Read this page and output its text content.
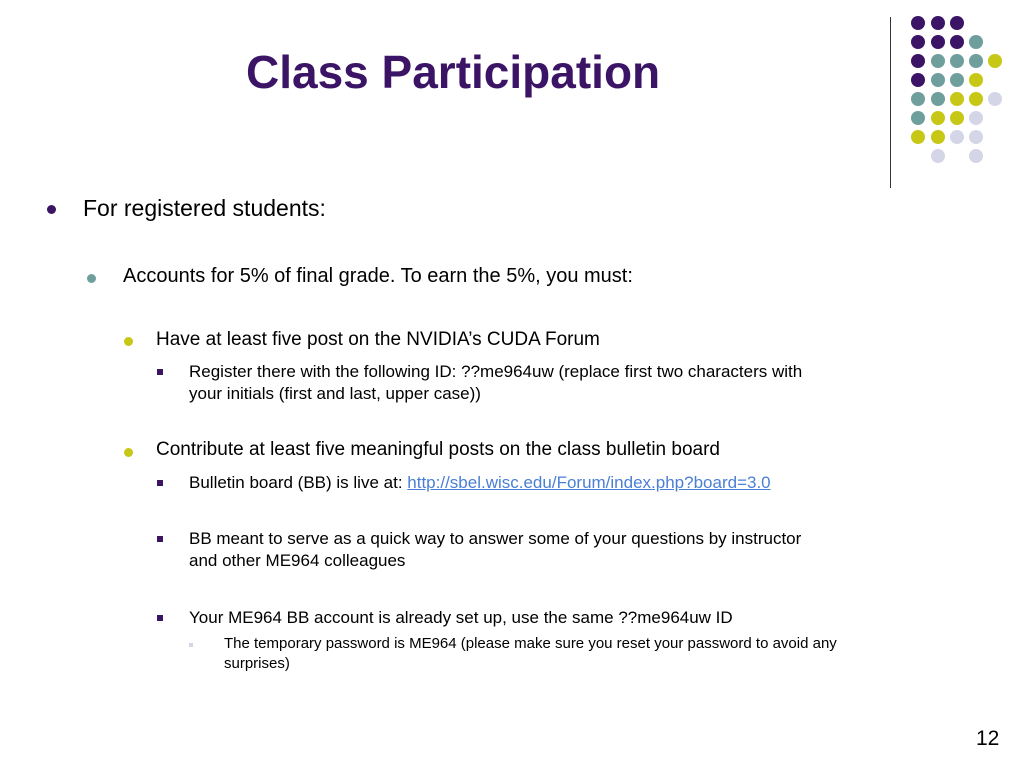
Class Participation
For registered students:
Accounts for 5% of final grade. To earn the 5%, you must:
Have at least five post on the NVIDIA’s CUDA Forum
Register there with the following ID: ??me964uw (replace first two characters with
your initials (first and last, upper case))
Contribute at least five meaningful posts on the class bulletin board
Bulletin board (BB) is live at: http://sbel.wisc.edu/Forum/index.php?board=3.0
BB meant to serve as a quick way to answer some of your questions by instructor
and other ME964 colleagues
Your ME964 BB account is already set up, use the same ??me964uw ID
The temporary password is ME964 (please make sure you reset your password to avoid any
surprises)
12
